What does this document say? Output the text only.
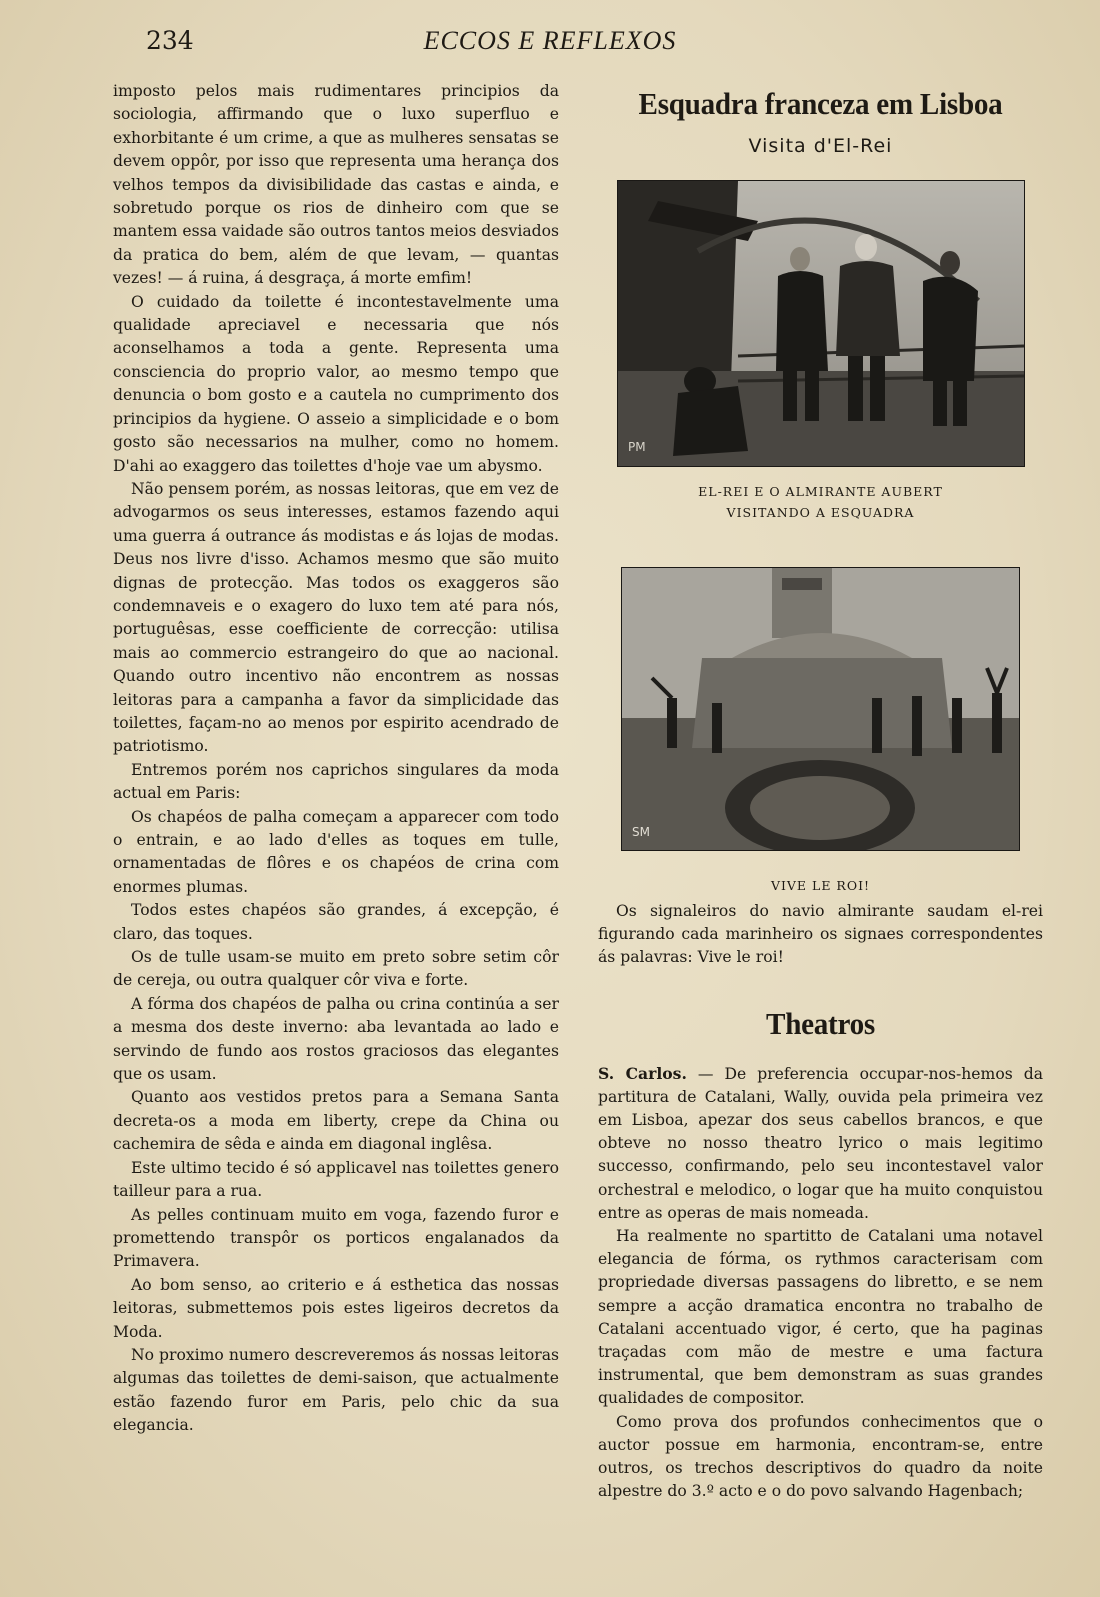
234	ECCOS E REFLEXOS

imposto pelos mais rudimentares principios da sociologia, affirmando que o luxo superfluo e exhorbitante é um crime, a que as mulheres sensatas se devem oppôr, por isso que representa uma herança dos velhos tempos da divisibilidade das castas e ainda, e sobretudo porque os rios de dinheiro com que se mantem essa vaidade são outros tantos meios desviados da pratica do bem, além de que levam, — quantas vezes! — á ruina, á desgraça, á morte emfim!

O cuidado da toilette é incontestavelmente uma qualidade apreciavel e necessaria que nós aconselhamos a toda a gente. Representa uma consciencia do proprio valor, ao mesmo tempo que denuncia o bom gosto e a cautela no cumprimento dos principios da hygiene. O asseio a simplicidade e o bom gosto são necessarios na mulher, como no homem. D'ahi ao exaggero das toilettes d'hoje vae um abysmo.

Não pensem porém, as nossas leitoras, que em vez de advogarmos os seus interesses, estamos fazendo aqui uma guerra á outrance ás modistas e ás lojas de modas. Deus nos livre d'isso. Achamos mesmo que são muito dignas de protecção. Mas todos os exaggeros são condemnaveis e o exagero do luxo tem até para nós, portuguêsas, esse coefficiente de correcção: utilisa mais ao commercio estrangeiro do que ao nacional. Quando outro incentivo não encontrem as nossas leitoras para a campanha a favor da simplicidade das toilettes, façam-no ao menos por espirito acendrado de patriotismo.

Entremos porém nos caprichos singulares da moda actual em Paris:

Os chapéos de palha começam a apparecer com todo o entrain, e ao lado d'elles as toques em tulle, ornamentadas de flôres e os chapéos de crina com enormes plumas.

Todos estes chapéos são grandes, á excepção, é claro, das toques.

Os de tulle usam-se muito em preto sobre setim côr de cereja, ou outra qualquer côr viva e forte.

A fórma dos chapéos de palha ou crina continúa a ser a mesma dos deste inverno: aba levantada ao lado e servindo de fundo aos rostos graciosos das elegantes que os usam.

Quanto aos vestidos pretos para a Semana Santa decreta-os a moda em liberty, crepe da China ou cachemira de sêda e ainda em diagonal inglêsa.

Este ultimo tecido é só applicavel nas toilettes genero tailleur para a rua.

As pelles continuam muito em voga, fazendo furor e promettendo transpôr os porticos engalanados da Primavera.

Ao bom senso, ao criterio e á esthetica das nossas leitoras, submettemos pois estes ligeiros decretos da Moda.

No proximo numero descreveremos ás nossas leitoras algumas das toilettes de demi-saison, que actualmente estão fazendo furor em Paris, pelo chic da sua elegancia.

Esquadra franceza em Lisboa
Visita d'El-Rei
PM
EL-REI E O ALMIRANTE AUBERT
VISITANDO A ESQUADRA
SM
VIVE LE ROI!

Os signaleiros do navio almirante saudam el-rei figurando cada marinheiro os signaes correspondentes ás palavras: Vive le roi!

Theatros

S. Carlos. — De preferencia occupar-nos-hemos da partitura de Catalani, Wally, ouvida pela primeira vez em Lisboa, apezar dos seus cabellos brancos, e que obteve no nosso theatro lyrico o mais legitimo successo, confirmando, pelo seu incontestavel valor orchestral e melodico, o logar que ha muito conquistou entre as operas de mais nomeada.

Ha realmente no spartitto de Catalani uma notavel elegancia de fórma, os rythmos caracterisam com propriedade diversas passagens do libretto, e se nem sempre a acção dramatica encontra no trabalho de Catalani accentuado vigor, é certo, que ha paginas traçadas com mão de mestre e uma factura instrumental, que bem demonstram as suas grandes qualidades de compositor.

Como prova dos profundos conhecimentos que o auctor possue em harmonia, encontram-se, entre outros, os trechos descriptivos do quadro da noite alpestre do 3.º acto e o do povo salvando Hagenbach;
